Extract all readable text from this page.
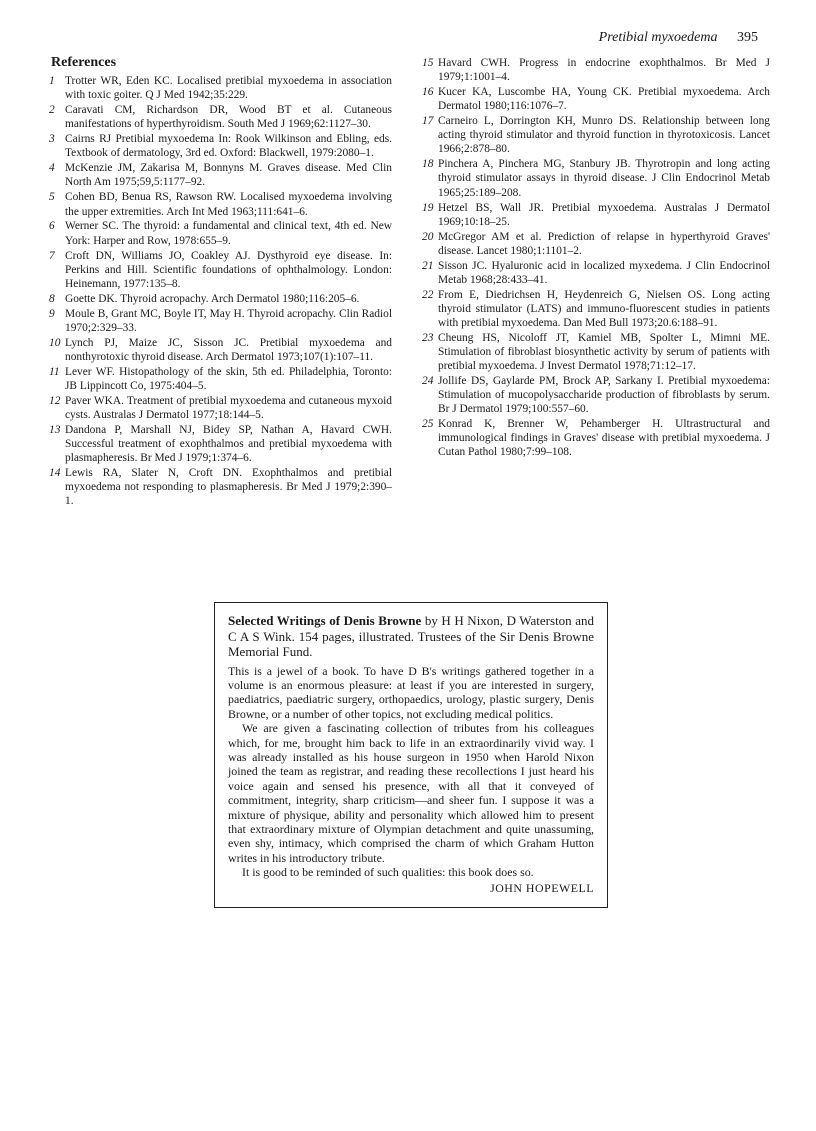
Pretibial myxoedema 395
References
1 Trotter WR, Eden KC. Localised pretibial myxoedema in association with toxic goiter. Q J Med 1942;35:229.
2 Caravati CM, Richardson DR, Wood BT et al. Cutaneous manifestations of hyperthyroidism. South Med J 1969;62:1127–30.
3 Cairns RJ Pretibial myxoedema In: Rook Wilkinson and Ebling, eds. Textbook of dermatology, 3rd ed. Oxford: Blackwell, 1979:2080–1.
4 McKenzie JM, Zakarisa M, Bonnyns M. Graves disease. Med Clin North Am 1975;59,5:1177–92.
5 Cohen BD, Benua RS, Rawson RW. Localised myxoedema involving the upper extremities. Arch Int Med 1963;111:641–6.
6 Werner SC. The thyroid: a fundamental and clinical text, 4th ed. New York: Harper and Row, 1978:655–9.
7 Croft DN, Williams JO, Coakley AJ. Dysthyroid eye disease. In: Perkins and Hill. Scientific foundations of ophthalmology. London: Heinemann, 1977:135–8.
8 Goette DK. Thyroid acropachy. Arch Dermatol 1980;116:205–6.
9 Moule B, Grant MC, Boyle IT, May H. Thyroid acropachy. Clin Radiol 1970;2:329–33.
10 Lynch PJ, Maize JC, Sisson JC. Pretibial myxoedema and nonthyrotoxic thyroid disease. Arch Dermatol 1973;107(1):107–11.
11 Lever WF. Histopathology of the skin, 5th ed. Philadelphia, Toronto: JB Lippincott Co, 1975:404–5.
12 Paver WKA. Treatment of pretibial myxoedema and cutaneous myxoid cysts. Australas J Dermatol 1977;18:144–5.
13 Dandona P, Marshall NJ, Bidey SP, Nathan A, Havard CWH. Successful treatment of exophthalmos and pretibial myxoedema with plasmapheresis. Br Med J 1979;1:374–6.
14 Lewis RA, Slater N, Croft DN. Exophthalmos and pretibial myxoedema not responding to plasmapheresis. Br Med J 1979;2:390–1.
15 Havard CWH. Progress in endocrine exophthalmos. Br Med J 1979;1:1001–4.
16 Kucer KA, Luscombe HA, Young CK. Pretibial myxoedema. Arch Dermatol 1980;116:1076–7.
17 Carneiro L, Dorrington KH, Munro DS. Relationship between long acting thyroid stimulator and thyroid function in thyrotoxicosis. Lancet 1966;2:878–80.
18 Pinchera A, Pinchera MG, Stanbury JB. Thyrotropin and long acting thyroid stimulator assays in thyroid disease. J Clin Endocrinol Metab 1965;25:189–208.
19 Hetzel BS, Wall JR. Pretibial myxoedema. Australas J Dermatol 1969;10:18–25.
20 McGregor AM et al. Prediction of relapse in hyperthyroid Graves' disease. Lancet 1980;1:1101–2.
21 Sisson JC. Hyaluronic acid in localized myxedema. J Clin Endocrinol Metab 1968;28:433–41.
22 From E, Diedrichsen H, Heydenreich G, Nielsen OS. Long acting thyroid stimulator (LATS) and immuno-fluorescent studies in patients with pretibial myxoedema. Dan Med Bull 1973;20.6:188–91.
23 Cheung HS, Nicoloff JT, Kamiel MB, Spolter L, Mimni ME. Stimulation of fibroblast biosynthetic activity by serum of patients with pretibial myxoedema. J Invest Dermatol 1978;71:12–17.
24 Jollife DS, Gaylarde PM, Brock AP, Sarkany I. Pretibial myxoedema: Stimulation of mucopolysaccharide production of fibroblasts by serum. Br J Dermatol 1979;100:557–60.
25 Konrad K, Brenner W, Pehamberger H. Ultrastructural and immunological findings in Graves' disease with pretibial myxoedema. J Cutan Pathol 1980;7:99–108.
Selected Writings of Denis Browne by H H Nixon, D Waterston and C A S Wink. 154 pages, illustrated. Trustees of the Sir Denis Browne Memorial Fund.

This is a jewel of a book. To have D B's writings gathered together in a volume is an enormous pleasure: at least if you are interested in surgery, paediatrics, paediatric surgery, orthopaedics, urology, plastic surgery, Denis Browne, or a number of other topics, not excluding medical politics.

We are given a fascinating collection of tributes from his colleagues which, for me, brought him back to life in an extraordinarily vivid way. I was already installed as his house surgeon in 1950 when Harold Nixon joined the team as registrar, and reading these recollections I just heard his voice again and sensed his presence, with all that it conveyed of commitment, integrity, sharp criticism—and sheer fun. I suppose it was a mixture of physique, ability and personality which allowed him to present that extraordinary mixture of Olympian detachment and quite unassuming, even shy, intimacy, which comprised the charm of which Graham Hutton writes in his introductory tribute.

It is good to be reminded of such qualities: this book does so.

JOHN HOPEWELL
